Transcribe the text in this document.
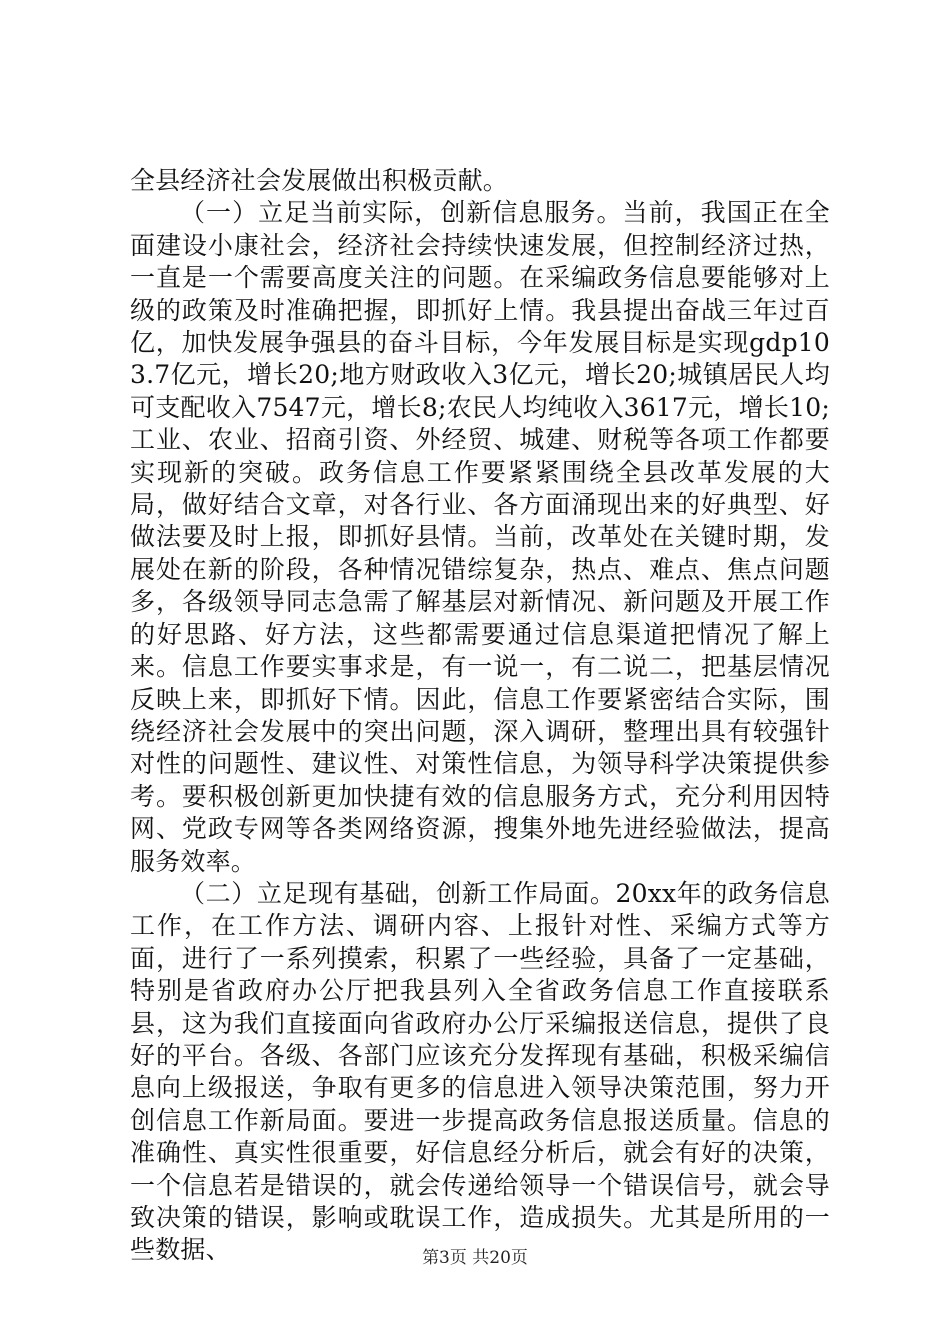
全县经济社会发展做出积极贡献。

（一）立足当前实际，创新信息服务。当前，我国正在全面建设小康社会，经济社会持续快速发展，但控制经济过热，一直是一个需要高度关注的问题。在采编政务信息要能够对上级的政策及时准确把握，即抓好上情。我县提出奋战三年过百亿，加快发展争强县的奋斗目标，今年发展目标是实现gdp103.7亿元，增长20;地方财政收入3亿元，增长20;城镇居民人均可支配收入7547元，增长8;农民人均纯收入3617元，增长10;工业、农业、招商引资、外经贸、城建、财税等各项工作都要实现新的突破。政务信息工作要紧紧围绕全县改革发展的大局，做好结合文章，对各行业、各方面涌现出来的好典型、好做法要及时上报，即抓好县情。当前，改革处在关键时期，发展处在新的阶段，各种情况错综复杂，热点、难点、焦点问题多，各级领导同志急需了解基层对新情况、新问题及开展工作的好思路、好方法，这些都需要通过信息渠道把情况了解上来。信息工作要实事求是，有一说一，有二说二，把基层情况反映上来，即抓好下情。因此，信息工作要紧密结合实际，围绕经济社会发展中的突出问题，深入调研，整理出具有较强针对性的问题性、建议性、对策性信息，为领导科学决策提供参考。要积极创新更加快捷有效的信息服务方式，充分利用因特网、党政专网等各类网络资源，搜集外地先进经验做法，提高服务效率。

（二）立足现有基础，创新工作局面。20xx年的政务信息工作，在工作方法、调研内容、上报针对性、采编方式等方面，进行了一系列摸索，积累了一些经验，具备了一定基础，特别是省政府办公厅把我县列入全省政务信息工作直接联系县，这为我们直接面向省政府办公厅采编报送信息，提供了良好的平台。各级、各部门应该充分发挥现有基础，积极采编信息向上级报送，争取有更多的信息进入领导决策范围，努力开创信息工作新局面。要进一步提高政务信息报送质量。信息的准确性、真实性很重要，好信息经分析后，就会有好的决策，一个信息若是错误的，就会传递给领导一个错误信号，就会导致决策的错误，影响或耽误工作，造成损失。尤其是所用的一些数据、	第3页 共20页
